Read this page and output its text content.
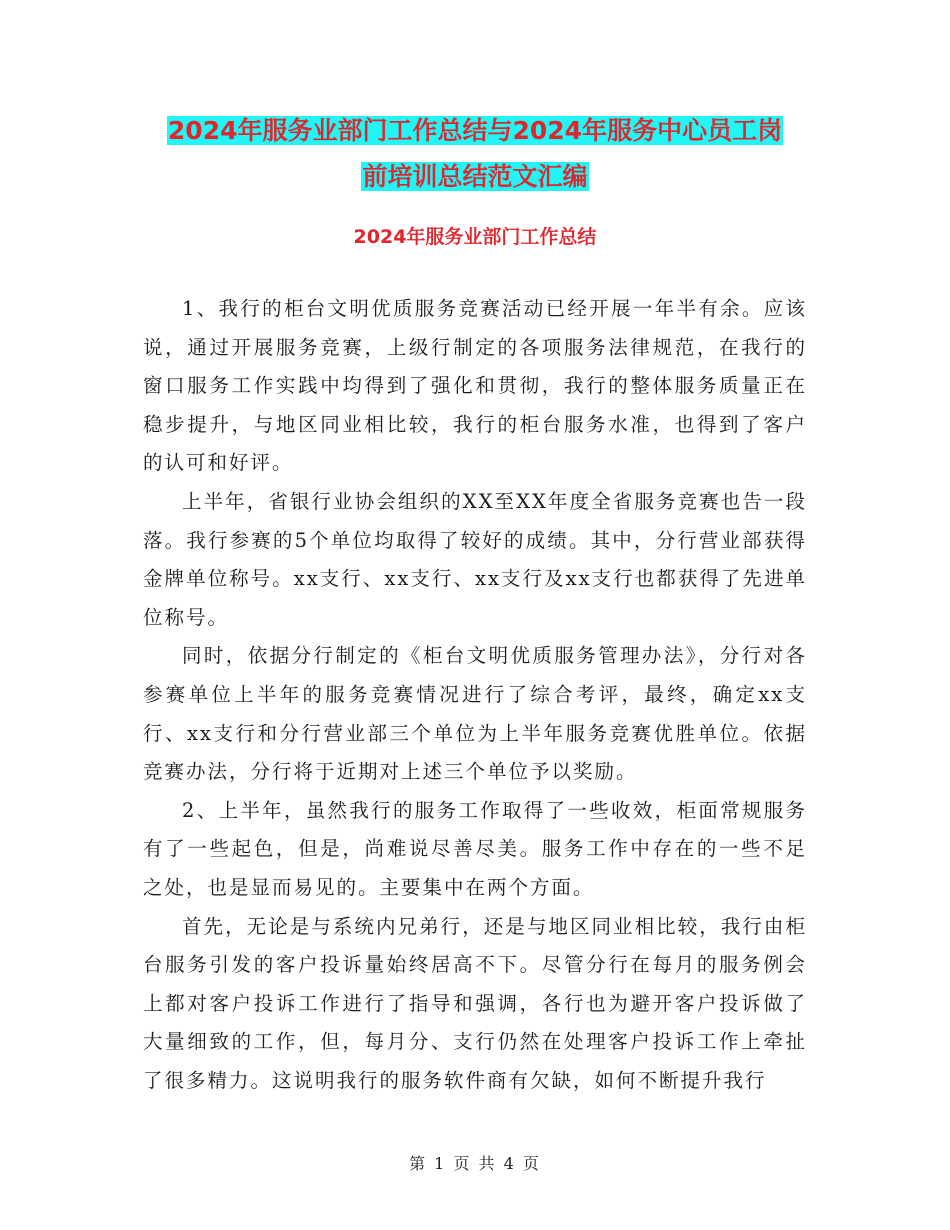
2024年服务业部门工作总结与2024年服务中心员工岗
前培训总结范文汇编
2024年服务业部门工作总结

1、我行的柜台文明优质服务竞赛活动已经开展一年半有余。应该说，通过开展服务竞赛，上级行制定的各项服务法律规范，在我行的窗口服务工作实践中均得到了强化和贯彻，我行的整体服务质量正在稳步提升，与地区同业相比较，我行的柜台服务水准，也得到了客户的认可和好评。

上半年，省银行业协会组织的XX至XX年度全省服务竞赛也告一段落。我行参赛的5个单位均取得了较好的成绩。其中，分行营业部获得金牌单位称号。xx支行、xx支行、xx支行及xx支行也都获得了先进单位称号。

同时，依据分行制定的《柜台文明优质服务管理办法》，分行对各参赛单位上半年的服务竞赛情况进行了综合考评，最终，确定xx支行、xx支行和分行营业部三个单位为上半年服务竞赛优胜单位。依据竞赛办法，分行将于近期对上述三个单位予以奖励。

2、上半年，虽然我行的服务工作取得了一些收效，柜面常规服务有了一些起色，但是，尚难说尽善尽美。服务工作中存在的一些不足之处，也是显而易见的。主要集中在两个方面。

首先，无论是与系统内兄弟行，还是与地区同业相比较，我行由柜台服务引发的客户投诉量始终居高不下。尽管分行在每月的服务例会上都对客户投诉工作进行了指导和强调，各行也为避开客户投诉做了大量细致的工作，但，每月分、支行仍然在处理客户投诉工作上牵扯了很多精力。这说明我行的服务软件商有欠缺，如何不断提升我行

第 1 页 共 4 页
